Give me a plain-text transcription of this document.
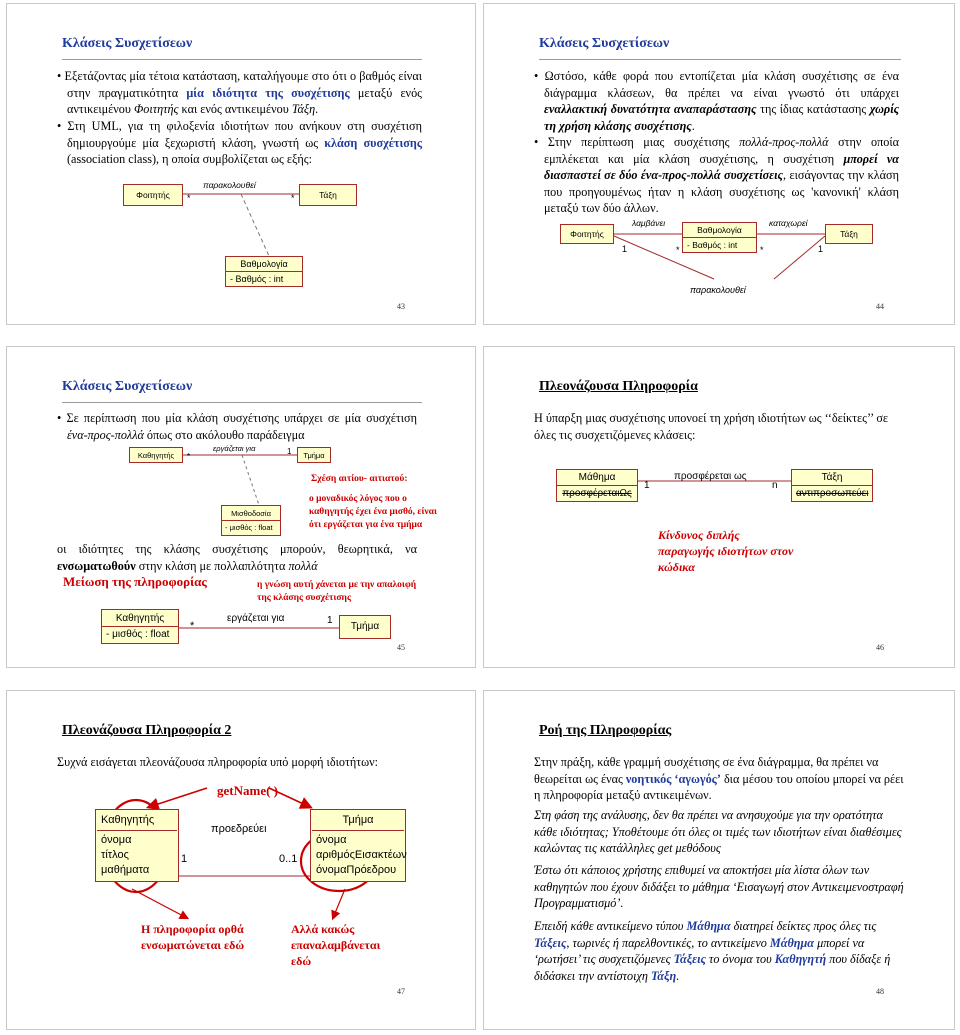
Κλάσεις Συσχετίσεων
• Εξετάζοντας μία τέτοια κατάσταση, καταλήγουμε στο ότι ο βαθμός είναι στην πραγματικότητα μία ιδιότητα της συσχέτισης μεταξύ ενός αντικειμένου Φοιτητής και ενός αντικειμένου Τάξη.
• Στη UML, για τη φιλοξενία ιδιοτήτων που ανήκουν στη συσχέτιση δημιουργούμε μία ξεχωριστή κλάση, γνωστή ως κλάση συσχέτισης (association class), η οποία συμβολίζεται ως εξής:
Φοιτητής	Τάξη
παρακολουθεί
*	*
Βαθμολογία
- Βαθμός : int
43
Κλάσεις Συσχετίσεων
• Ωστόσο, κάθε φορά που εντοπίζεται μία κλάση συσχέτισης σε ένα διάγραμμα κλάσεων, θα πρέπει να είναι γνωστό ότι υπάρχει εναλλακτική δυνατότητα αναπαράστασης της ίδιας κατάστασης χωρίς τη χρήση κλάσης συσχέτισης.
• Στην περίπτωση μιας συσχέτισης πολλά-προς-πολλά στην οποία εμπλέκεται και μία κλάση συσχέτισης, η συσχέτιση μπορεί να διασπαστεί σε δύο ένα-προς-πολλά συσχετίσεις, εισάγοντας την κλάση που προηγουμένως ήταν η κλάση συσχέτισης ως 'κανονική' κλάση μεταξύ των δύο άλλων.
Φοιτητής	Βαθμολογία
- Βαθμός : int
Τάξη
λαμβάνει	καταχωρεί
παρακολουθεί
1	*	*	1
44
Κλάσεις Συσχετίσεων
• Σε περίπτωση που μία κλάση συσχέτισης υπάρχει σε μία συσχέτιση ένα-προς-πολλά όπως στο ακόλουθο παράδειγμα
Καθηγητής
εργάζεται για
*
1	Τμήμα
Μισθοδοσία
- μισθός : float
Σχέση αιτίου- αιτιατού:
ο μοναδικός λόγος που ο καθηγητής έχει ένα μισθό, είναι ότι εργάζεται για ένα τμήμα
οι ιδιότητες της κλάσης συσχέτισης μπορούν, θεωρητικά, να ενσωματωθούν στην κλάση με πολλαπλότητα πολλά
Μείωση της πληροφορίας	η γνώση αυτή χάνεται με την απαλοιφή της κλάσης συσχέτισης
Καθηγητής
- μισθός : float
εργάζεται για
*	1
Τμήμα
45
Πλεονάζουσα Πληροφορία
Η ύπαρξη μιας συσχέτισης υπονοεί τη χρήση ιδιοτήτων ως ‘‘δείκτες’’ σε όλες τις συσχετιζόμενες κλάσεις:
Μάθημα
προσφέρεταιΩς
προσφέρεται ως
1	n
Τάξη
αντιπροσωπεύει
Κίνδυνος διπλής παραγωγής ιδιοτήτων στον κώδικα
46
Πλεονάζουσα Πληροφορία 2
Συχνά εισάγεται πλεονάζουσα πληροφορία υπό μορφή ιδιοτήτων:
getName( )
Καθηγητής
όνομα
τίτλος
μαθήματα
προεδρεύει
1	0..1
Τμήμα
όνομα
αριθμόςΕισακτέων
όνομαΠρόεδρου
Η πληροφορία ορθά ενσωματώνεται εδώ
Αλλά κακώς επαναλαμβάνεται εδώ
47
Ροή της Πληροφορίας
Στην πράξη, κάθε γραμμή συσχέτισης σε ένα διάγραμμα, θα πρέπει να θεωρείται ως ένας νοητικός ‘αγωγός’ δια μέσου του οποίου μπορεί να ρέει η πληροφορία μεταξύ αντικειμένων.
Στη φάση της ανάλυσης, δεν θα πρέπει να ανησυχούμε για την ορατότητα κάθε ιδιότητας; Υποθέτουμε ότι όλες οι τιμές των ιδιοτήτων είναι διαθέσιμες καλώντας τις κατάλληλες get μεθόδους
Έστω ότι κάποιος χρήστης επιθυμεί να αποκτήσει μία λίστα όλων των καθηγητών που έχουν διδάξει το μάθημα ‘Εισαγωγή στον Αντικειμενοστραφή Προγραμματισμό’.
Επειδή κάθε αντικείμενο τύπου Μάθημα διατηρεί δείκτες προς όλες τις Τάξεις, τωρινές ή παρελθοντικές, το αντικείμενο Μάθημα μπορεί να ‘ρωτήσει’ τις συσχετιζόμενες Τάξεις το όνομα του Καθηγητή που δίδαξε ή διδάσκει την αντίστοιχη Τάξη.
48
